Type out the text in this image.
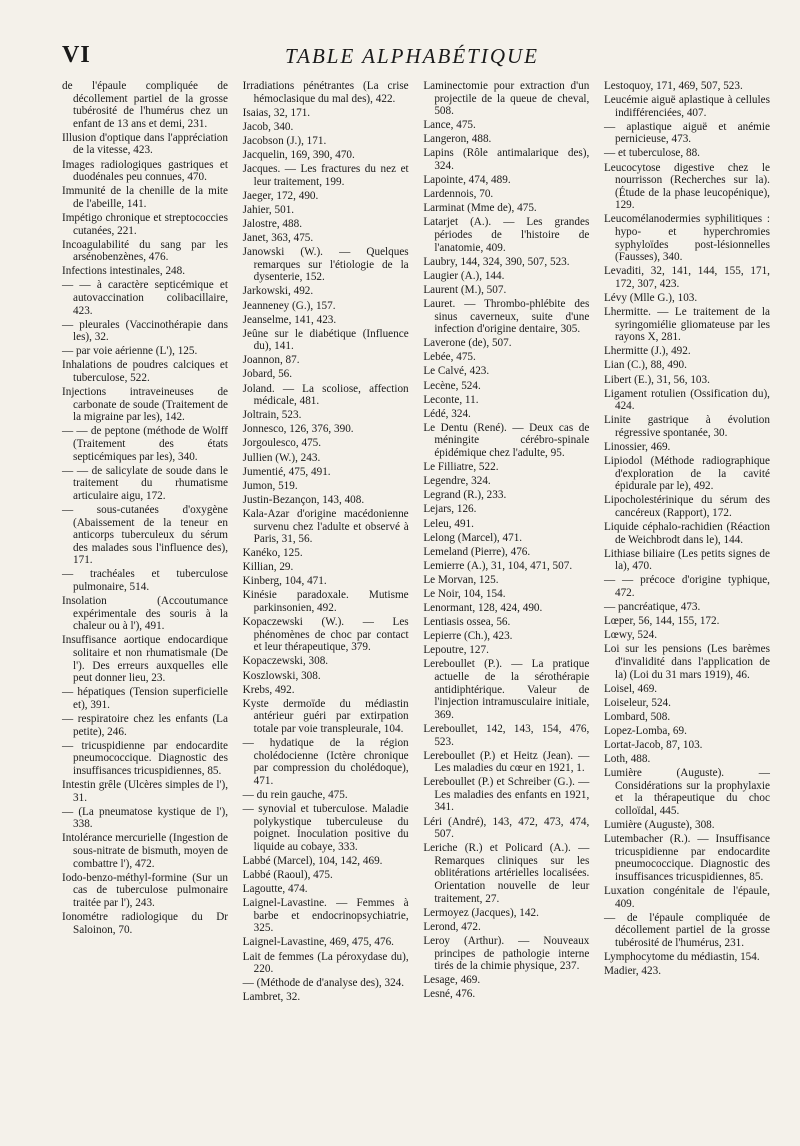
VI	TABLE ALPHABÉTIQUE
de l'épaule compliquée de décollement partiel de la grosse tubérosité de l'humérus chez un enfant de 13 ans et demi, 231.
Illusion d'optique dans l'appréciation de la vitesse, 423.
Images radiologiques gastriques et duodénales peu connues, 470.
Immunité de la chenille de la mite de l'abeille, 141.
Impétigo chronique et streptococcies cutanées, 221.
Incoagulabilité du sang par les arsénobenzènes, 476.
Infections intestinales, 248.
— — à caractère septicémique et autovaccination colibacillaire, 423.
— pleurales (Vaccinothérapie dans les), 32.
— par voie aérienne (L'), 125.
Inhalations de poudres calciques et tuberculose, 522.
Injections intraveineuses de carbonate de soude (Traitement de la migraine par les), 142.
— — de peptone (méthode de Wolff (Traitement des états septicémiques par les), 340.
— — de salicylate de soude dans le traitement du rhumatisme articulaire aigu, 172.
— sous-cutanées d'oxygène (Abaissement de la teneur en anticorps tuberculeux du sérum des malades sous l'influence des), 171.
— trachéales et tuberculose pulmonaire, 514.
Insolation (Accoutumance expérimentale des souris à la chaleur ou à l'), 491.
Insuffisance aortique endocardique solitaire et non rhumatismale (De l'). Des erreurs auxquelles elle peut donner lieu, 23.
— hépatiques (Tension superficielle et), 391.
— respiratoire chez les enfants (La petite), 246.
— tricuspidienne par endocardite pneumococcique. Diagnostic des insuffisances tricuspidiennes, 85.
Intestin grêle (Ulcères simples de l'), 31.
— (La pneumatose kystique de l'), 338.
Intolérance mercurielle (Ingestion de sous-nitrate de bismuth, moyen de combattre l'), 472.
Iodo-benzo-méthyl-formine (Sur un cas de tuberculose pulmonaire traitée par l'), 243.
Ionométre radiologique du Dr Saloinon, 70.
Irradiations pénétrantes (La crise hémoclasique du mal des), 422.
Isaias, 32, 171.
Jacob, 340.
Jacobson (J.), 171.
Jacquelin, 169, 390, 470.
Jacques. — Les fractures du nez et leur traitement, 199.
Jaeger, 172, 490.
Jahier, 501.
Jalostre, 488.
Janet, 363, 475.
Janowski (W.). — Quelques remarques sur l'étiologie de la dysenterie, 152.
Jarkowski, 492.
Jeanneney (G.), 157.
Jeanselme, 141, 423.
Jeûne sur le diabétique (Influence du), 141.
Joannon, 87.
Jobard, 56.
Joland. — La scoliose, affection médicale, 481.
Joltrain, 523.
Jonnesco, 126, 376, 390.
Jorgoulesco, 475.
Jullien (W.), 243.
Jumentié, 475, 491.
Jumon, 519.
Justin-Bezançon, 143, 408.
Kala-Azar d'origine macédonienne survenu chez l'adulte et observé à Paris, 31, 56.
Kanéko, 125.
Killian, 29.
Kinberg, 104, 471.
Kinésie paradoxale. Mutisme parkinsonien, 492.
Kopaczewski (W.). — Les phénomènes de choc par contact et leur thérapeutique, 379.
Kopaczewski, 308.
Koszlowski, 308.
Krebs, 492.
Kyste dermoïde du médiastin antérieur guéri par extirpation totale par voie transpleurale, 104.
— hydatique de la région cholédocienne (Ictère chronique par compression du cholédoque), 471.
— du rein gauche, 475.
— synovial et tuberculose. Maladie polykystique tuberculeuse du poignet. Inoculation positive du liquide au cobaye, 333.
Labbé (Marcel), 104, 142, 469.
Labbé (Raoul), 475.
Lagoutte, 474.
Laignel-Lavastine. — Femmes à barbe et endocrinopsychiatrie, 325.
Laignel-Lavastine, 469, 475, 476.
Lait de femmes (La péroxydase du), 220.
— (Méthode de d'analyse des), 324.
Lambret, 32.
Laminectomie pour extraction d'un projectile de la queue de cheval, 508.
Lance, 475.
Langeron, 488.
Lapins (Rôle antimalarique des), 324.
Lapointe, 474, 489.
Lardennois, 70.
Larminat (Mme de), 475.
Latarjet (A.). — Les grandes périodes de l'histoire de l'anatomie, 409.
Laubry, 144, 324, 390, 507, 523.
Laugier (A.), 144.
Laurent (M.), 507.
Lauret. — Thrombo-phlébite des sinus caverneux, suite d'une infection d'origine dentaire, 305.
Laverone (de), 507.
Lebée, 475.
Le Calvé, 423.
Lecène, 524.
Leconte, 11.
Lédé, 324.
Le Dentu (René). — Deux cas de méningite cérébro-spinale épidémique chez l'adulte, 95.
Le Filliatre, 522.
Legendre, 324.
Legrand (R.), 233.
Lejars, 126.
Leleu, 491.
Lelong (Marcel), 471.
Lemeland (Pierre), 476.
Lemierre (A.), 31, 104, 471, 507.
Le Morvan, 125.
Le Noir, 104, 154.
Lenormant, 128, 424, 490.
Lentiasis ossea, 56.
Lepierre (Ch.), 423.
Lepoutre, 127.
Lereboullet (P.). — La pratique actuelle de la sérothérapie antidiphtérique. Valeur de l'injection intramusculaire initiale, 369.
Lereboullet, 142, 143, 154, 476, 523.
Lereboullet (P.) et Heitz (Jean). — Les maladies du cœur en 1921, 1.
Lereboullet (P.) et Schreiber (G.). — Les maladies des enfants en 1921, 341.
Léri (André), 143, 472, 473, 474, 507.
Leriche (R.) et Policard (A.). — Remarques cliniques sur les oblitérations artérielles localisées. Orientation nouvelle de leur traitement, 27.
Lermoyez (Jacques), 142.
Lerond, 472.
Leroy (Arthur). — Nouveaux principes de pathologie interne tirés de la chimie physique, 237.
Lesage, 469.
Lesné, 476.
Lestoquoy, 171, 469, 507, 523.
Leucémie aiguë aplastique à cellules indifférenciées, 407.
— aplastique aiguë et anémie pernicieuse, 473.
— et tuberculose, 88.
Leucocytose digestive chez le nourrisson (Recherches sur la). (Étude de la phase leucopénique), 129.
Leucomélanodermies syphilitiques : hypo- et hyperchromies syphyloïdes post-lésionnelles (Fausses), 340.
Levaditi, 32, 141, 144, 155, 171, 172, 307, 423.
Lévy (Mlle G.), 103.
Lhermitte. — Le traitement de la syringomiélie gliomateuse par les rayons X, 281.
Lhermitte (J.), 492.
Lian (C.), 88, 490.
Libert (E.), 31, 56, 103.
Ligament rotulien (Ossification du), 424.
Linite gastrique à évolution régressive spontanée, 30.
Linossier, 469.
Lipiodol (Méthode radiographique d'exploration de la cavité épidurale par le), 492.
Lipocholestérinique du sérum des cancéreux (Rapport), 172.
Liquide céphalo-rachidien (Réaction de Weichbrodt dans le), 144.
Lithiase biliaire (Les petits signes de la), 470.
— — précoce d'origine typhique, 472.
— pancréatique, 473.
Lœper, 56, 144, 155, 172.
Lœwy, 524.
Loi sur les pensions (Les barèmes d'invalidité dans l'application de la) (Loi du 31 mars 1919), 46.
Loisel, 469.
Loiseleur, 524.
Lombard, 508.
Lopez-Lomba, 69.
Lortat-Jacob, 87, 103.
Loth, 488.
Lumière (Auguste). — Considérations sur la prophylaxie et la thérapeutique du choc colloïdal, 445.
Lumière (Auguste), 308.
Lutembacher (R.). — Insuffisance tricuspidienne par endocardite pneumococcique. Diagnostic des insuffisances tricuspidiennes, 85.
Luxation congénitale de l'épaule, 409.
— de l'épaule compliquée de décollement partiel de la grosse tubérosité de l'humérus, 231.
Lymphocytome du médiastin, 154.
Madier, 423.
